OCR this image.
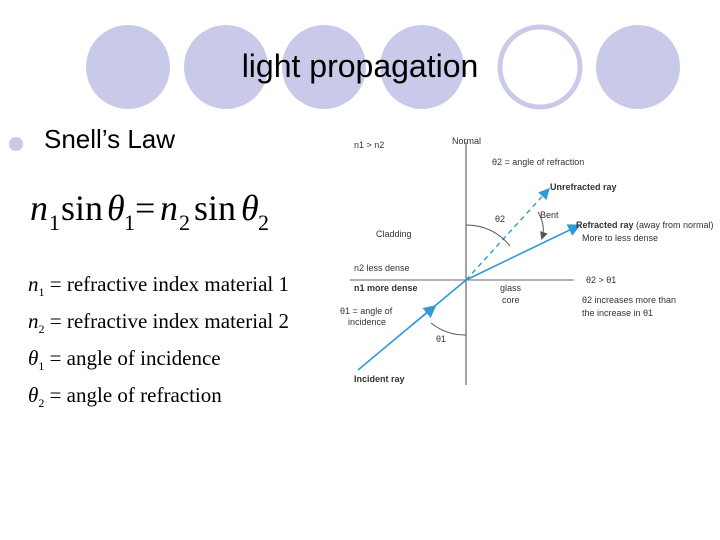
light propagation
Snell’s Law
n 1 sin θ 1 = n 2 sin θ 2
$n_1$ = refractive index material 1
$n_2$ = refractive index material 2
$\theta_1$ = angle of incidence
$\theta_2$ = angle of refraction
n1 > n2	Normal
θ2 = angle of refraction
Unrefracted ray
Bent
θ2
Refracted ray (away from normal)
More to less dense
Cladding
n2 less dense
θ2 > θ1
n1 more dense	glass
core	θ2 increases more than
the increase in θ1
θ1 = angle of
incidence
θ1
Incident ray
